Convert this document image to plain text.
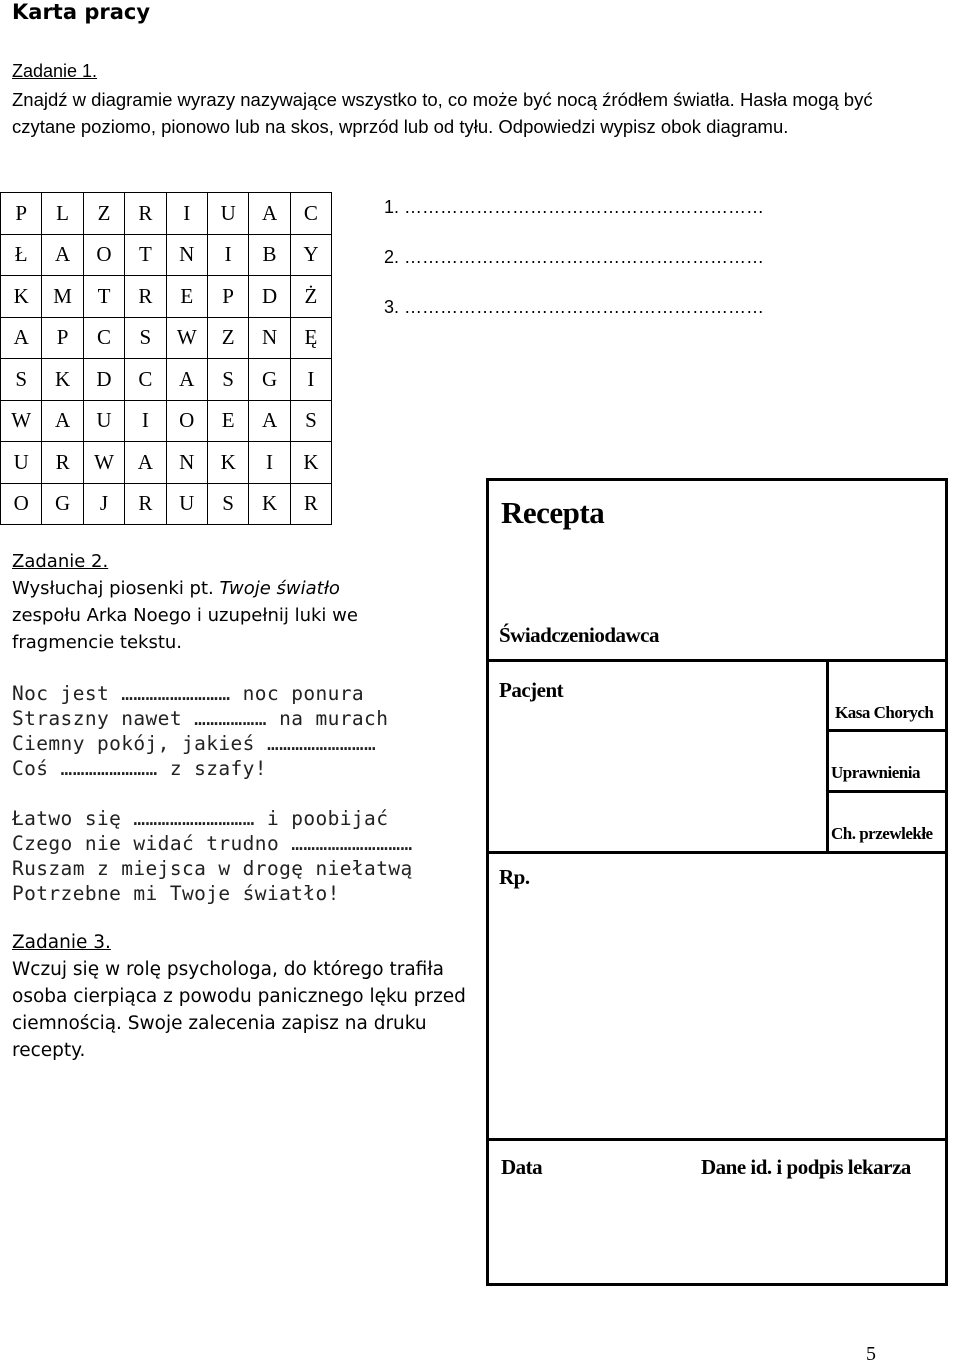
Karta pracy
Zadanie 1.
Znajdź w diagramie wyrazy nazywające wszystko to, co może być nocą źródłem światła. Hasła mogą być czytane poziomo, pionowo lub na skos, wprzód lub od tyłu. Odpowiedzi wypisz obok diagramu.
P	L	Z	R	I	U	A	C
Ł	A	O	T	N	I	B	Y
K	M	T	R	E	P	D	Ż
A	P	C	S	W	Z	N	Ę
S	K	D	C	A	S	G	I
W	A	U	I	O	E	A	S
U	R	W	A	N	K	I	K
O	G	J	R	U	S	K	R
1. ……………………………………………………
2. ……………………………………………………
3. ……………………………………………………
Zadanie 2.
Wysłuchaj piosenki pt. Twoje światło zespołu Arka Noego i uzupełnij luki we fragmencie tekstu.
Noc jest ……………………… noc ponura
Straszny nawet ……………… na murach
Ciemny pokój, jakieś ………………………
Coś …………………… z szafy!
Łatwo się ………………………… i poobijać
Czego nie widać trudno …………………………
Ruszam z miejsca w drogę niełatwą
Potrzebne mi Twoje światło!
Zadanie 3.
Wczuj się w rolę psychologa, do którego trafiła osoba cierpiąca z powodu panicznego lęku przed ciemnością. Swoje zalecenia zapisz na druku recepty.
Recepta
Świadczeniodawca
Pacjent
Kasa Chorych
Uprawnienia
Ch. przewlekłe
Rp.
Data	Dane id. i podpis lekarza
5
